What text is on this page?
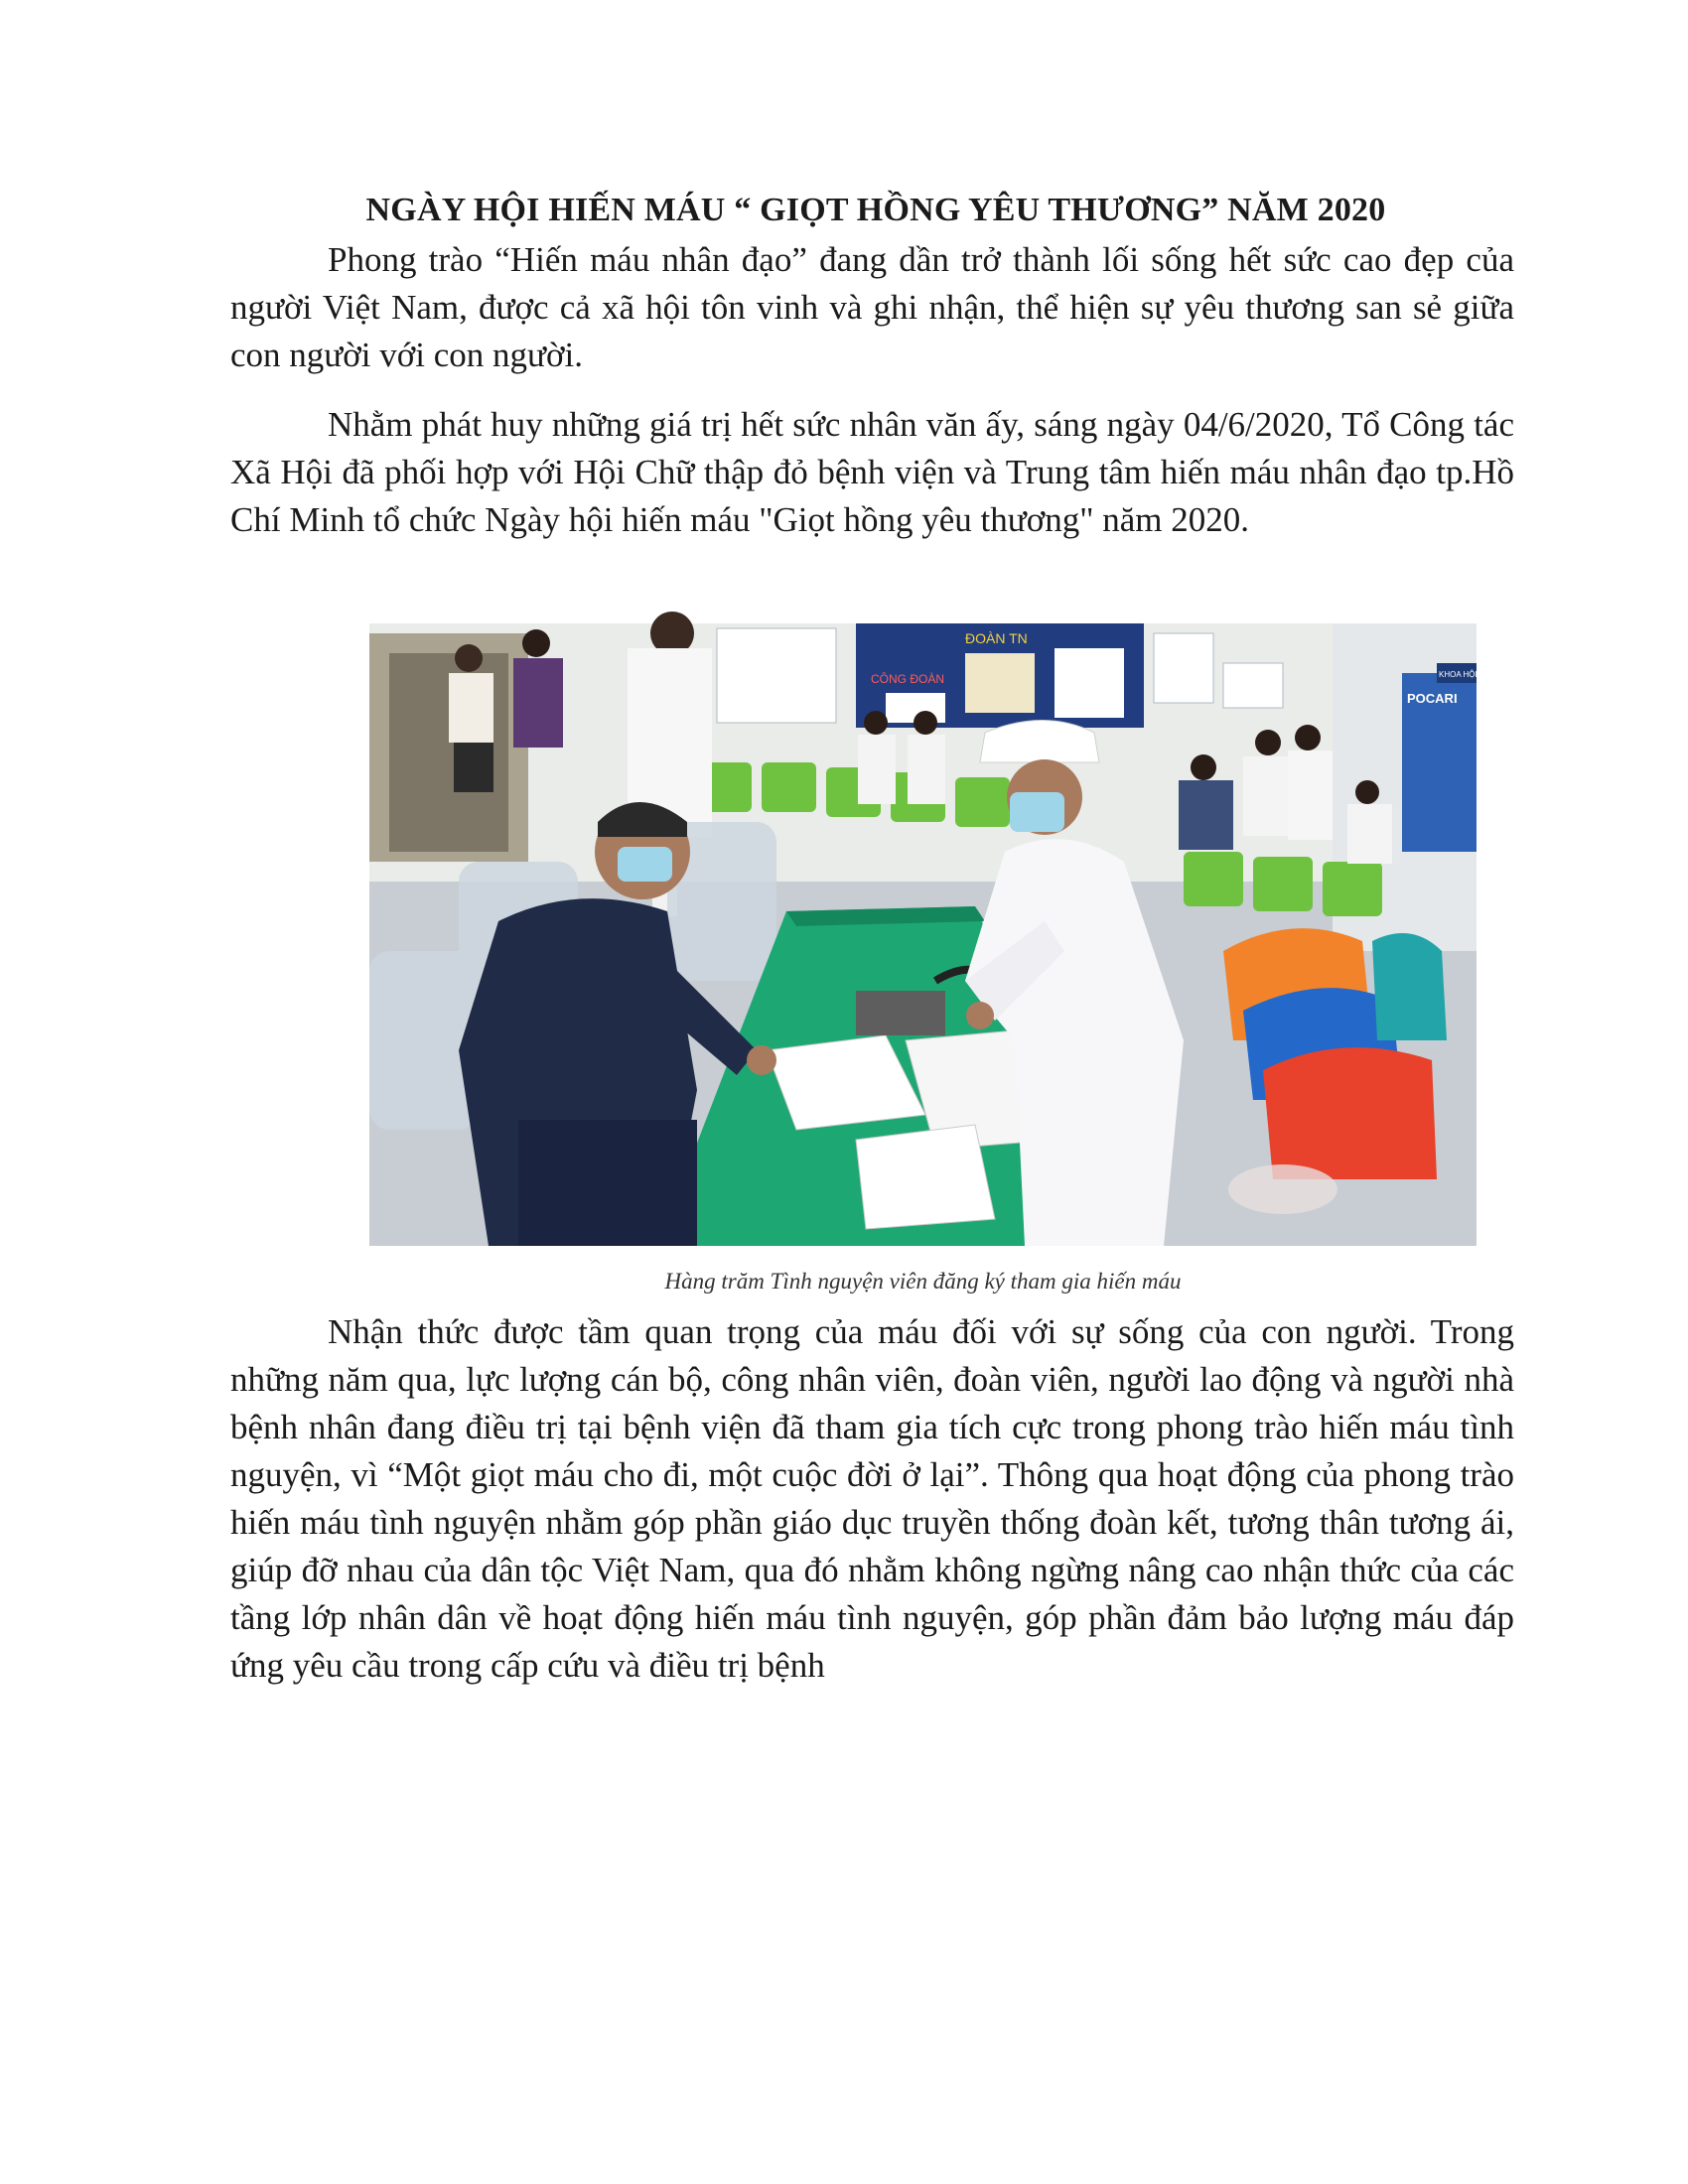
NGÀY HỘI HIẾN MÁU “ GIỌT HỒNG YÊU THƯƠNG” NĂM 2020

Phong trào “Hiến máu nhân đạo” đang dần trở thành lối sống hết sức cao đẹp của người Việt Nam, được cả xã hội tôn vinh và ghi nhận, thể hiện sự yêu thương san sẻ giữa con người với con người.

Nhằm phát huy những giá trị hết sức nhân văn ấy, sáng ngày 04/6/2020, Tổ Công tác Xã Hội đã phối hợp với Hội Chữ thập đỏ bệnh viện và Trung tâm hiến máu nhân đạo tp.Hồ Chí Minh tổ chức Ngày hội hiến máu "Giọt hồng yêu thương" năm 2020.

ĐOÀN TN
CÔNG ĐOÀN
POCARI
KHOA HỘI SỐ
Hàng trăm Tình nguyện viên đăng ký tham gia hiến máu

Nhận thức được tầm quan trọng của máu đối với sự sống của con người. Trong những năm qua, lực lượng cán bộ, công nhân viên, đoàn viên, người lao động và người nhà bệnh nhân đang điều trị tại bệnh viện đã tham gia tích cực trong phong trào hiến máu tình nguyện, vì “Một giọt máu cho đi, một cuộc đời ở lại”. Thông qua hoạt động của phong trào hiến máu tình nguyện nhằm góp phần giáo dục truyền thống đoàn kết, tương thân tương ái, giúp đỡ nhau của dân tộc Việt Nam, qua đó nhằm không ngừng nâng cao nhận thức của các tầng lớp nhân dân về hoạt động hiến máu tình nguyện, góp phần đảm bảo lượng máu đáp ứng yêu cầu trong cấp cứu và điều trị bệnh
